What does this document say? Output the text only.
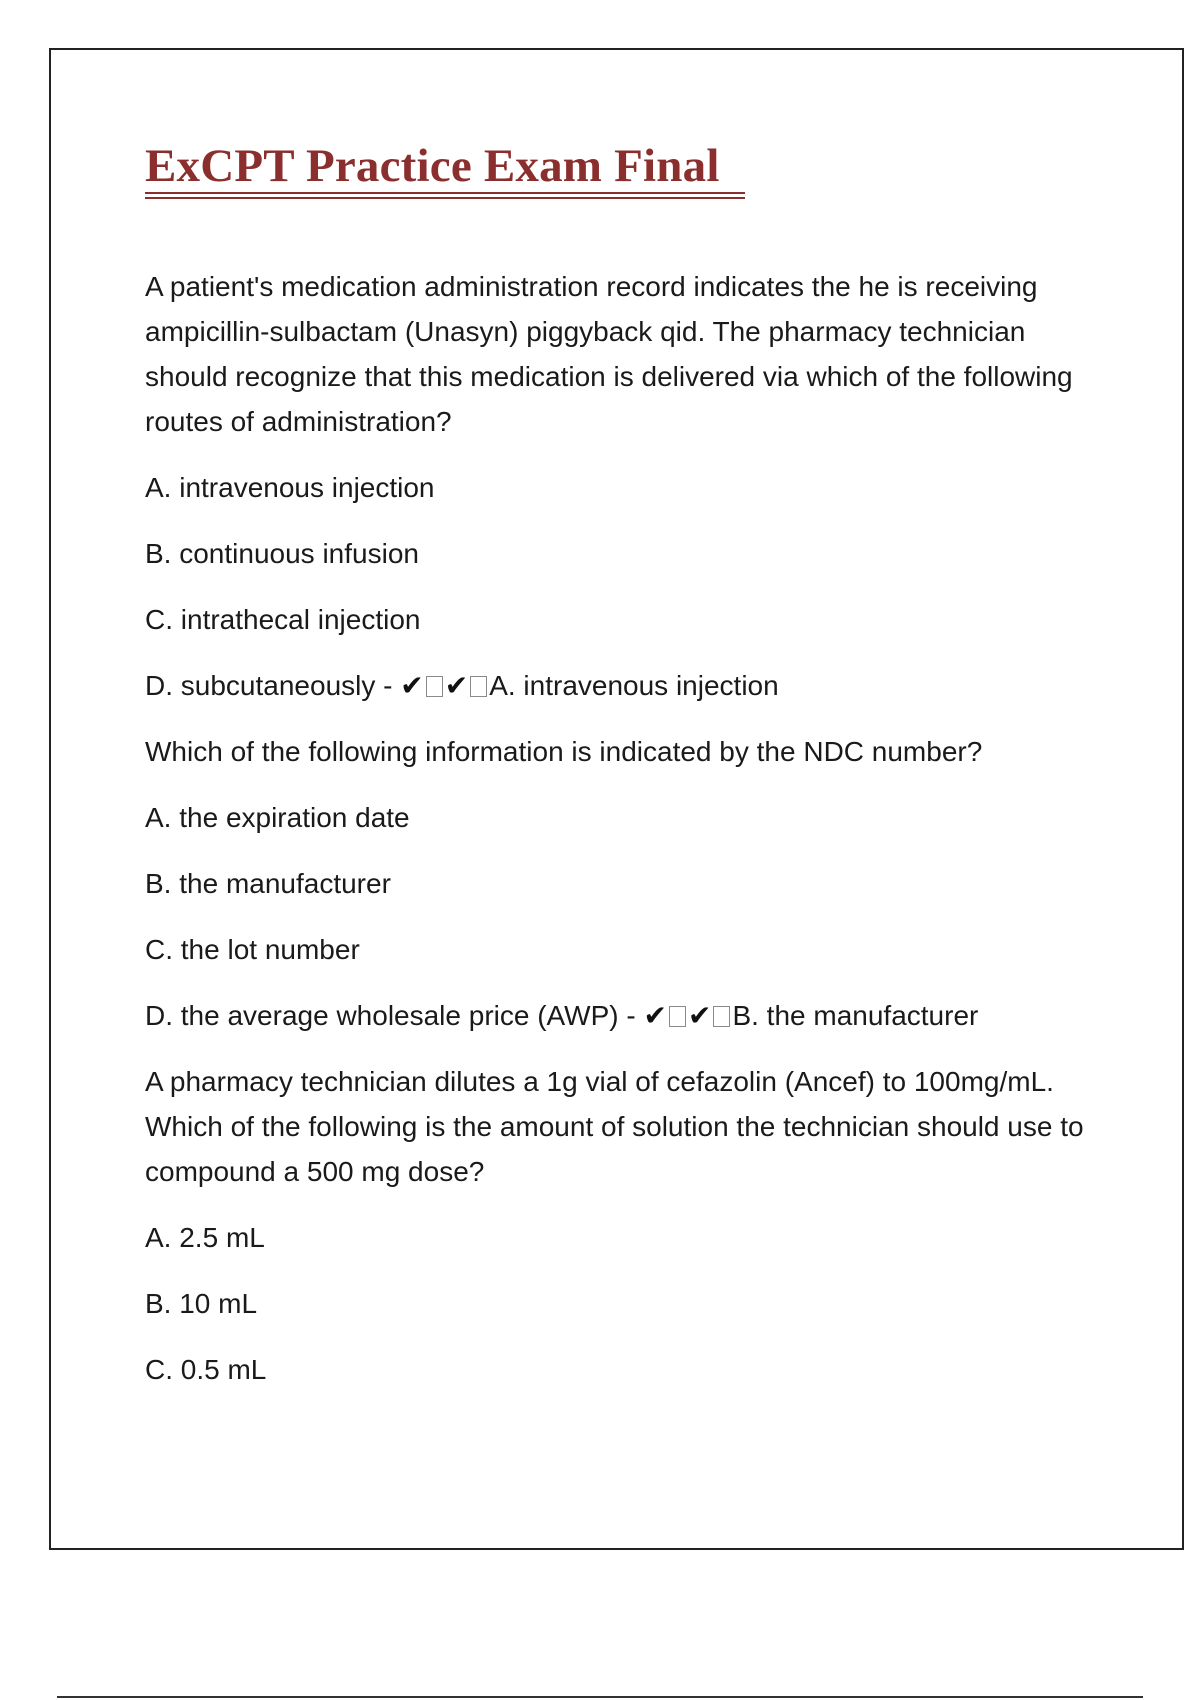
ExCPT Practice Exam Final

A patient's medication administration record indicates the he is receiving ampicillin-sulbactam (Unasyn) piggyback qid. The pharmacy technician should recognize that this medication is delivered via which of the following routes of administration?

A. intravenous injection

B. continuous infusion

C. intrathecal injection

D. subcutaneously - ✔ ✔ A. intravenous injection

Which of the following information is indicated by the NDC number?

A. the expiration date

B. the manufacturer

C. the lot number

D. the average wholesale price (AWP) - ✔ ✔ B. the manufacturer

A pharmacy technician dilutes a 1g vial of cefazolin (Ancef) to 100mg/mL. Which of the following is the amount of solution the technician should use to compound a 500 mg dose?

A. 2.5 mL

B. 10 mL

C. 0.5 mL
